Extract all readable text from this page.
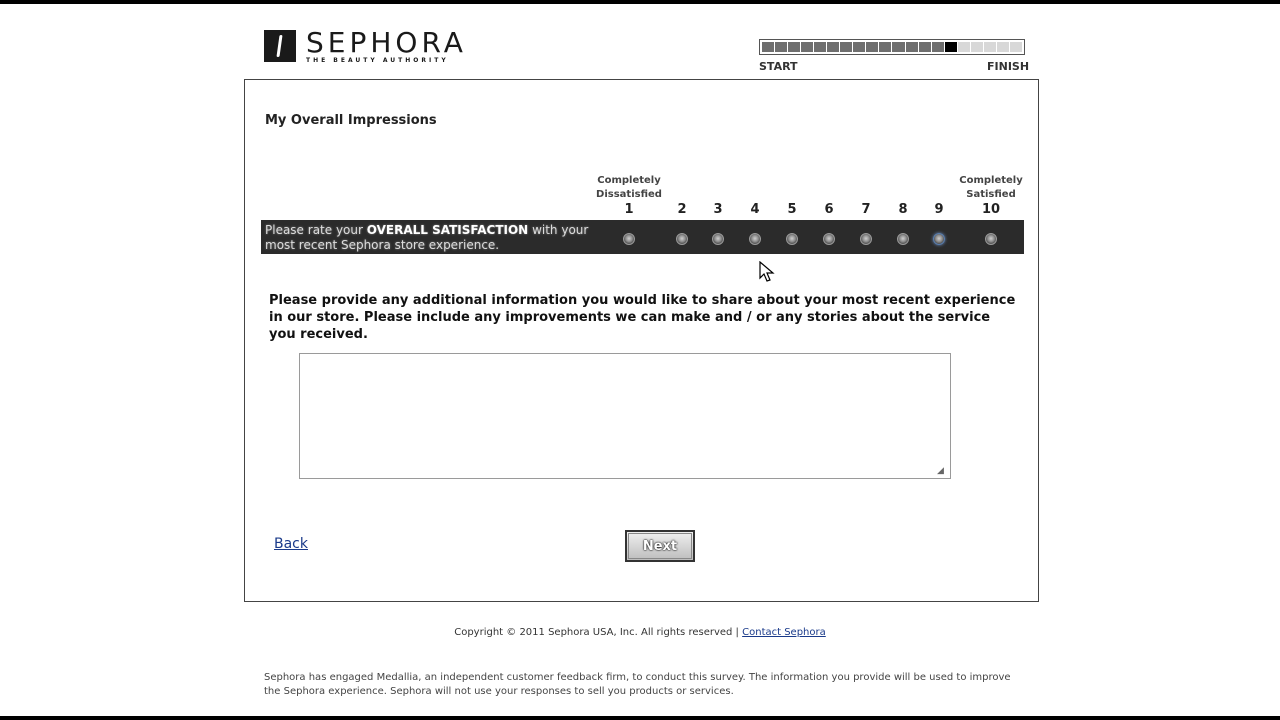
SEPHORA
THE BEAUTY AUTHORITY	START	FINISH
My Overall Impressions
Completely
Dissatisfied
Completely
Satisfied
1	2	3	4	5	6	7	8	9	10
Please rate your OVERALL SATISFACTION with your most recent Sephora store experience.
Please provide any additional information you would like to share about your most recent experience in our store. Please include any improvements we can make and / or any stories about the service you received.
◢
Back	Next
Copyright © 2011 Sephora USA, Inc. All rights reserved | Contact Sephora
Sephora has engaged Medallia, an independent customer feedback firm, to conduct this survey. The information you provide will be used to improve the Sephora experience. Sephora will not use your responses to sell you products or services.
